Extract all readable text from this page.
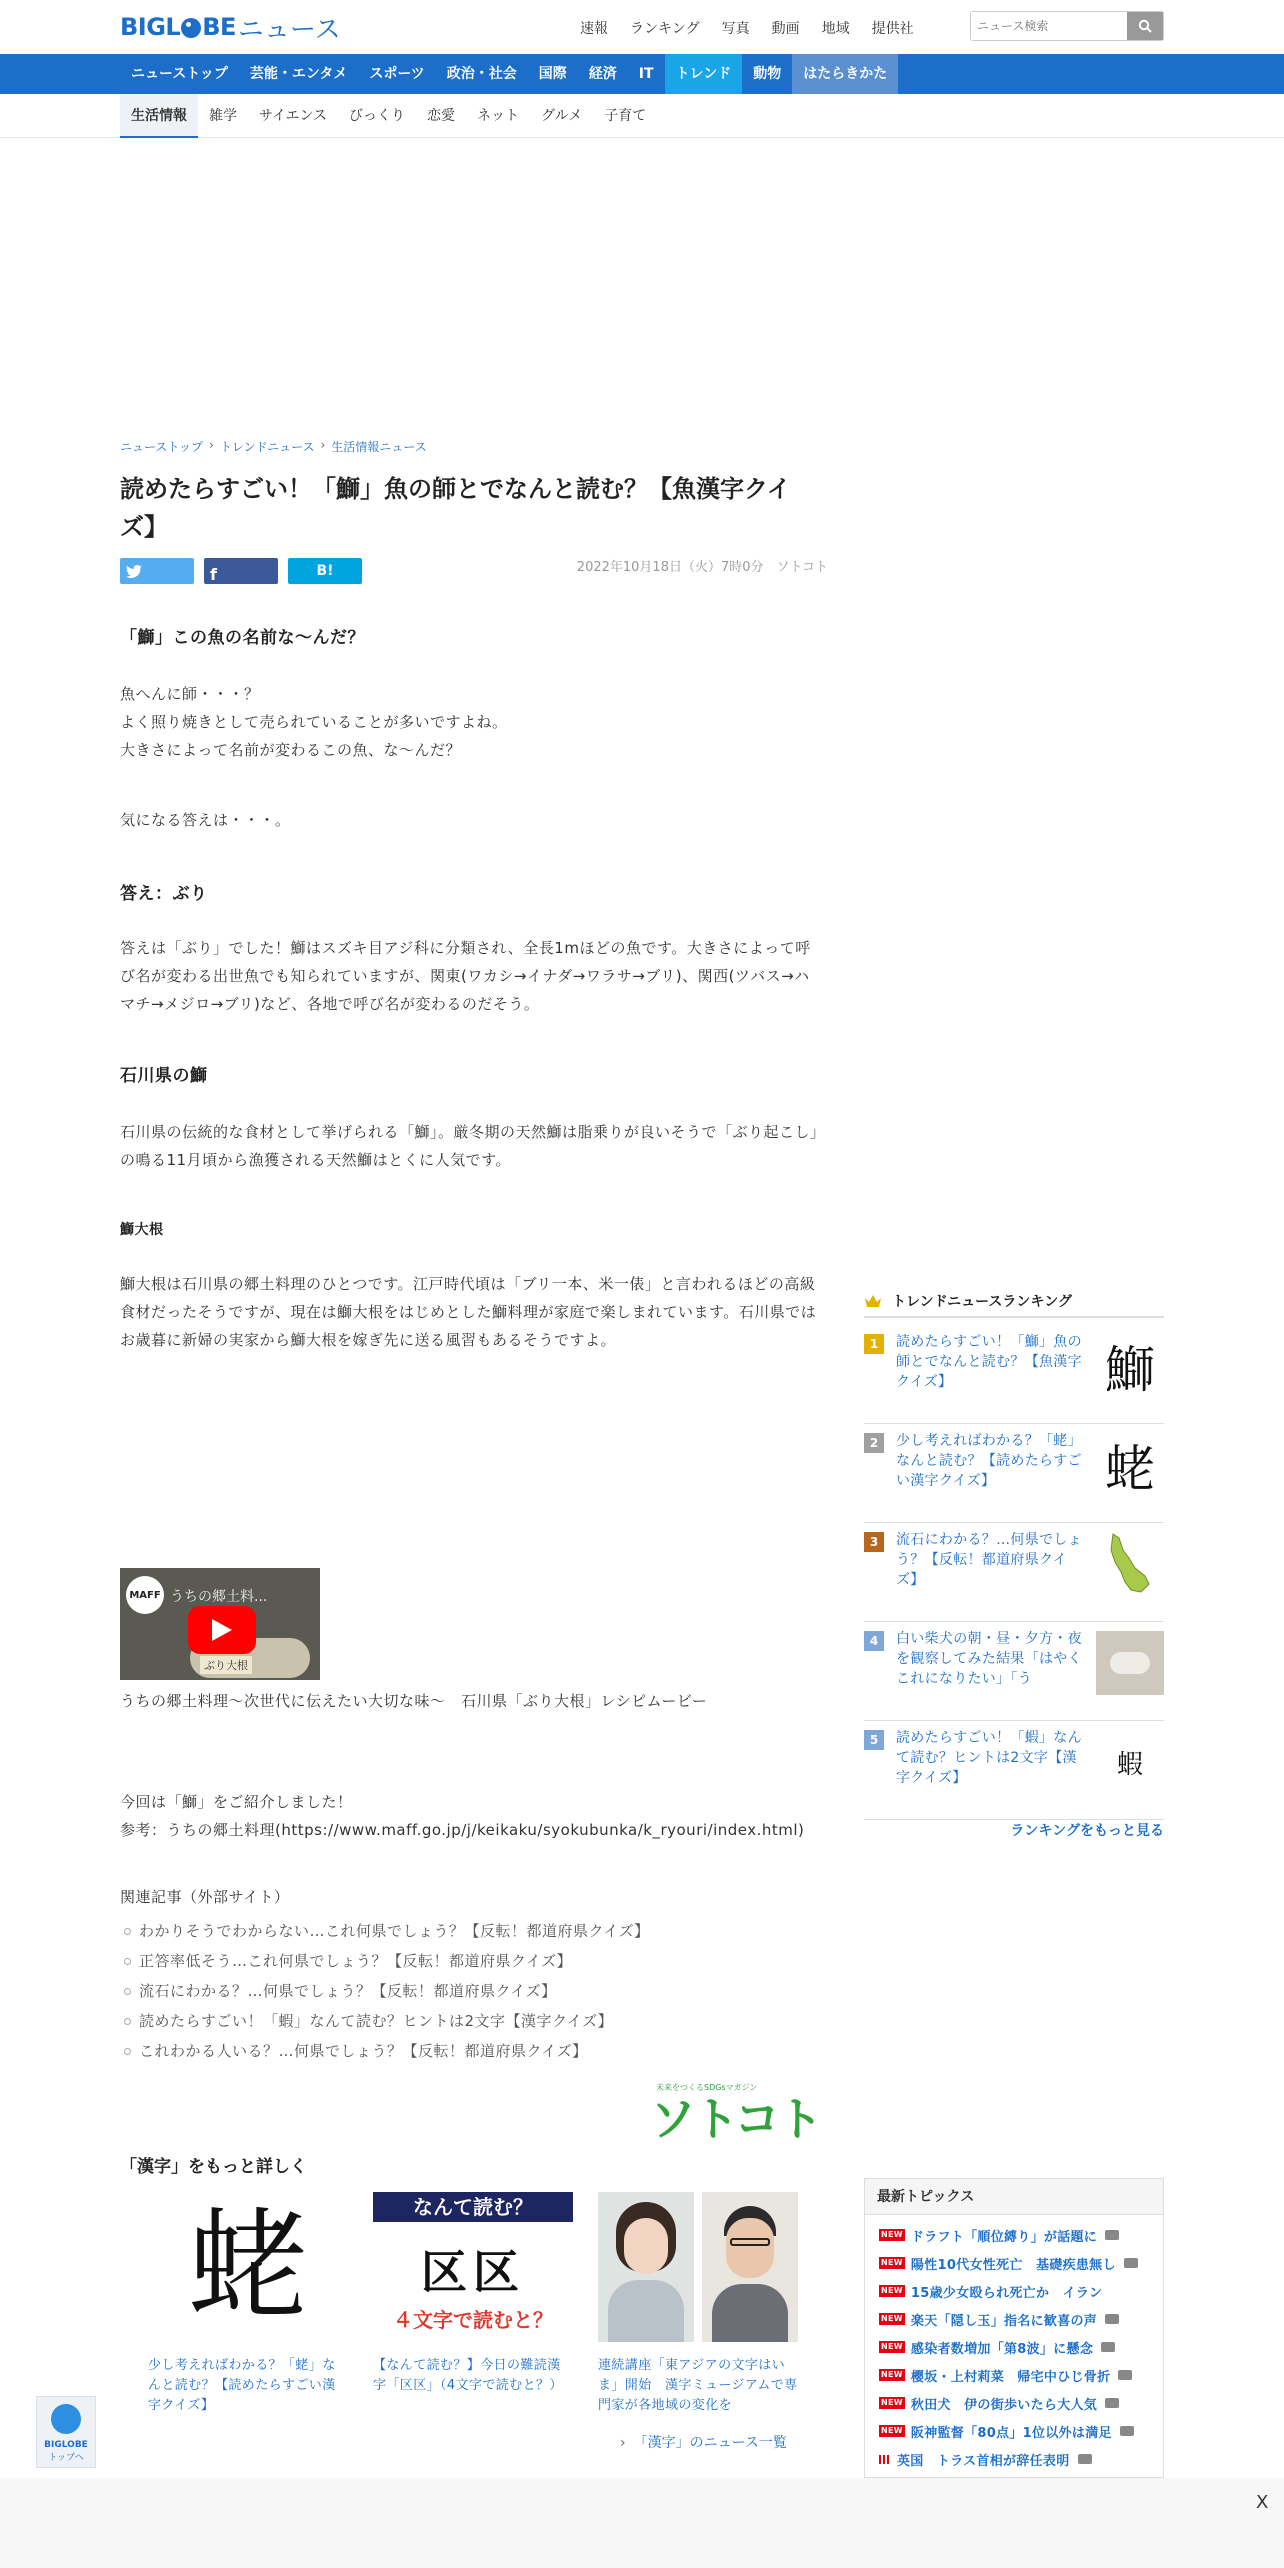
BIGL BE ニュース	速報 ランキング 写真 動画 地域 提供社
ニュース検索
ニューストップ	芸能・エンタメ	スポーツ	政治・社会	国際	経済	IT	トレンド	動物	はたらきかた
生活情報	雑学	サイエンス	びっくり	恋愛	ネット	グルメ	子育て
ニューストップ › トレンドニュース › 生活情報ニュース
読めたらすごい！「鰤」魚の師とでなんと読む？【魚漢字クイズ】
f	B!	2022年10月18日（火）7時0分　ソトコト
「鰤」この魚の名前な〜んだ？
魚へんに師・・・？
よく照り焼きとして売られていることが多いですよね。
大きさによって名前が変わるこの魚、な〜んだ？
気になる答えは・・・。
答え：ぶり
答えは「ぶり」でした！鰤はスズキ目アジ科に分類され、全長1mほどの魚です。大きさによって呼び名が変わる出世魚でも知られていますが、関東(ワカシ→イナダ→ワラサ→ブリ)、関西(ツバス→ハマチ→メジロ→ブリ)など、各地で呼び名が変わるのだそう。
石川県の鰤
石川県の伝統的な食材として挙げられる「鰤」。厳冬期の天然鰤は脂乗りが良いそうで「ぶり起こし」の鳴る11月頃から漁獲される天然鰤はとくに人気です。
鰤大根
鰤大根は石川県の郷土料理のひとつです。江戸時代頃は「ブリ一本、米一俵」と言われるほどの高級食材だったそうですが、現在は鰤大根をはじめとした鰤料理が家庭で楽しまれています。石川県ではお歳暮に新婦の実家から鰤大根を嫁ぎ先に送る風習もあるそうですよ。
MAFF うちの郷土料...
ぶり大根
うちの郷土料理〜次世代に伝えたい大切な味〜　石川県「ぶり大根」レシピムービー
今回は「鰤」をご紹介しました！
参考：うちの郷土料理(https://www.maff.go.jp/j/keikaku/syokubunka/k_ryouri/index.html)
関連記事（外部サイト）
わかりそうでわからない…これ何県でしょう？【反転！都道府県クイズ】
正答率低そう…これ何県でしょう？【反転！都道府県クイズ】
流石にわかる？…何県でしょう？【反転！都道府県クイズ】
読めたらすごい！「蝦」なんて読む？ヒントは2文字【漢字クイズ】
これわかる人いる？…何県でしょう？【反転！都道府県クイズ】
未来をつくるSDGsマガジン
ソトコト
「漢字」をもっと詳しく
蛯
少し考えればわかる？「蛯」なんと読む？【読めたらすごい漢字クイズ】
なんて読む？
区区
４文字で読むと？
【なんて読む？】今日の難読漢字「区区」（4文字で読むと？）
連続講座「東アジアの文字はいま」開始　漢字ミュージアムで専門家が各地域の変化を
› 「漢字」のニュース一覧
BIGLOBE
トップへ
トレンドニュースランキング
1	読めたらすごい！「鰤」魚の師とでなんと読む？【魚漢字クイズ】	鰤
2	少し考えればわかる？「蛯」なんと読む？【読めたらすごい漢字クイズ】	蛯
3	流石にわかる？…何県でしょう？【反転！都道府県クイズ】
4	白い柴犬の朝・昼・夕方・夜を観察してみた結果「はやくこれになりたい」「う
5	読めたらすごい！「蝦」なんて読む？ヒントは2文字【漢字クイズ】	蝦
ランキングをもっと見る
最新トピックス
NEW ドラフト「順位縛り」が話題に
NEW 陽性10代女性死亡　基礎疾患無し
NEW 15歳少女殴られ死亡か　イラン
NEW 楽天「隠し玉」指名に歓喜の声
NEW 感染者数増加「第8波」に懸念
NEW 櫻坂・上村莉菜　帰宅中ひじ骨折
NEW 秋田犬　伊の街歩いたら大人気
NEW 阪神監督「80点」1位以外は満足
英国　トラス首相が辞任表明
X
